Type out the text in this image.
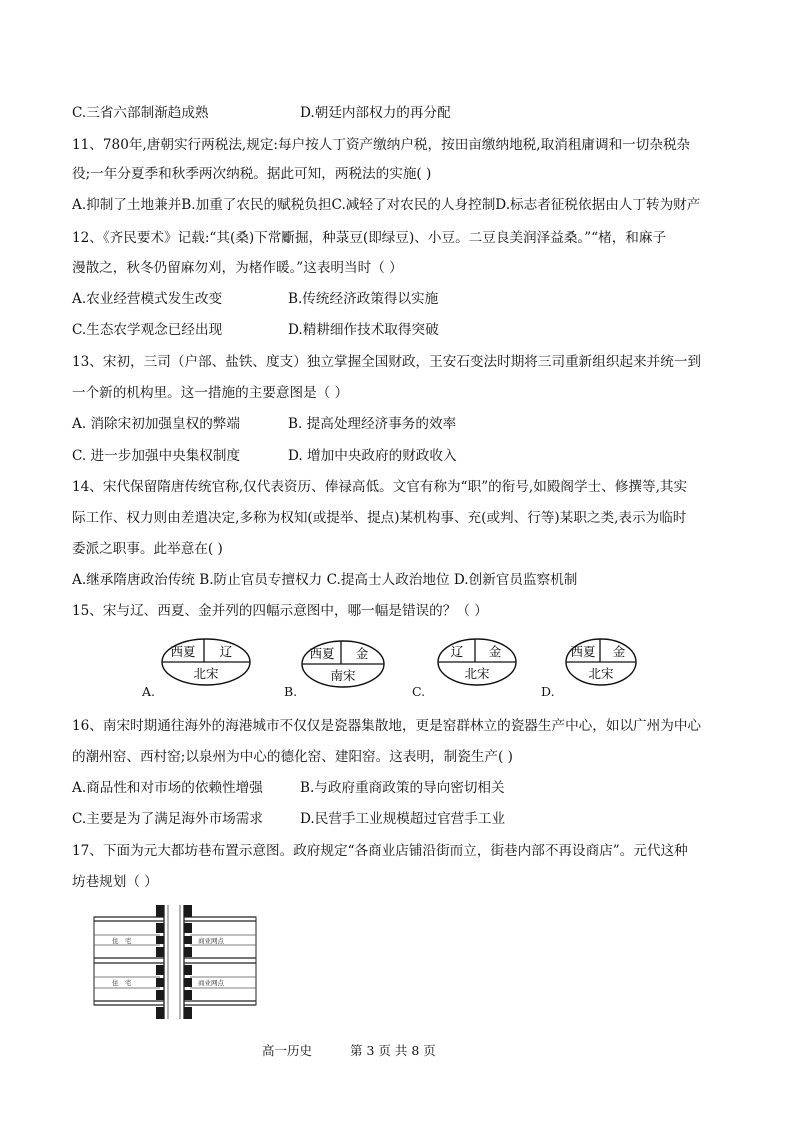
C.三省六部制渐趋成熟	D.朝廷内部权力的再分配
11、780年,唐朝实行两税法,规定:每户按人丁资产缴纳户税，按田亩缴纳地税,取消租庸调和一切杂税杂
役;一年分夏季和秋季两次纳税。据此可知，两税法的实施( )
A.抑制了土地兼并B.加重了农民的赋税负担C.减轻了对农民的人身控制D.标志者征税依据由人丁转为财产
12、《齐民要术》记载:“其(桑)下常斸掘，种菉豆(即绿豆)、小豆。二豆良美润泽益桑。”“楮，和麻子
漫散之，秋冬仍留麻勿刈，为楮作暖。”这表明当时（ ）
A.农业经营模式发生改变	B.传统经济政策得以实施
C.生态农学观念已经出现	D.精耕细作技术取得突破
13、宋初，三司（户部、盐铁、度支）独立掌握全国财政，王安石变法时期将三司重新组织起来并统一到
一个新的机构里。这一措施的主要意图是（ ）
A. 消除宋初加强皇权的弊端	B. 提高处理经济事务的效率
C. 进一步加强中央集权制度	D. 增加中央政府的财政收入
14、宋代保留隋唐传统官称,仅代表资历、俸禄高低。文官有称为“职”的衔号,如殿阁学士、修撰等,其实
际工作、权力则由差遣决定,多称为权知(或提举、提点)某机构事、充(或判、行等)某职之类,表示为临时
委派之职事。此举意在( )
A.继承隋唐政治传统 B.防止官员专擅权力 C.提高士人政治地位 D.创新官员监察机制
15、宋与辽、西夏、金并列的四幅示意图中，哪一幅是错误的？（ ）
西夏 辽
北宋
A.
西夏 金
南宋
B.
辽 金
北宋
C.
西夏 金
北宋
D.
16、南宋时期通往海外的海港城市不仅仅是瓷器集散地，更是窑群林立的瓷器生产中心，如以广州为中心
的潮州窑、西村窑;以泉州为中心的德化窑、建阳窑。这表明，制瓷生产( )
A.商品性和对市场的依赖性增强	B.与政府重商政策的导向密切相关
C.主要是为了满足海外市场需求	D.民营手工业规模超过官营手工业
17、下面为元大都坊巷布置示意图。政府规定“各商业店铺沿街而立，街巷内部不再设商店”。元代这种
坊巷规划（ ）
住　宅
住　宅
商业网点
商业网点
高一历史	第 3 页 共 8 页
